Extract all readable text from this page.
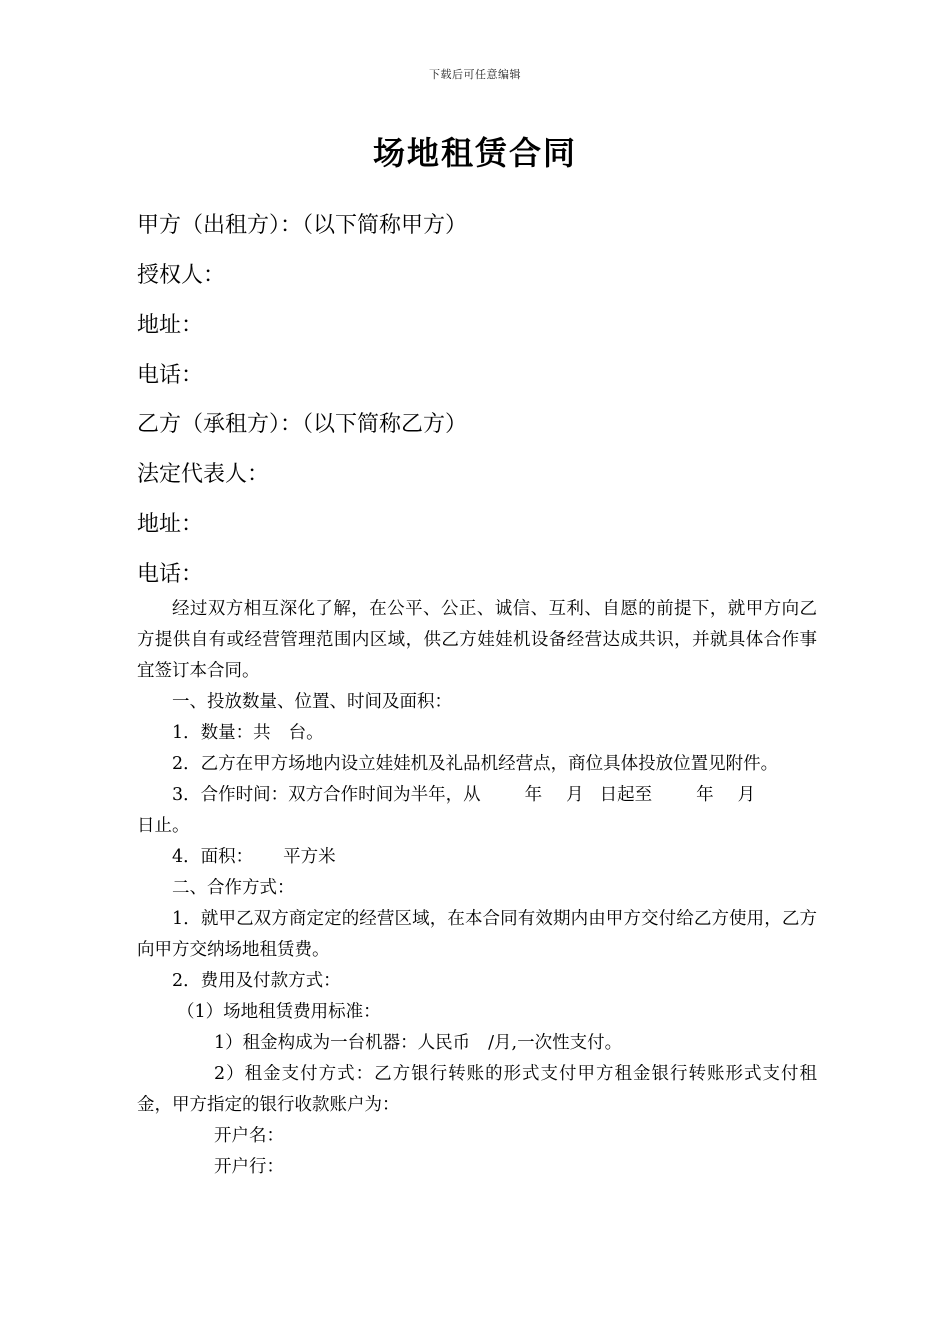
下载后可任意编辑
场地租赁合同
甲方（出租方）：（以下简称甲方）
授权人：
地址：
电话：
乙方（承租方）：（以下简称乙方）
法定代表人：
地址：
电话：

经过双方相互深化了解，在公平、公正、诚信、互利、自愿的前提下，就甲方向乙方提供自有或经营管理范围内区域，供乙方娃娃机设备经营达成共识，并就具体合作事宜签订本合同。

一、投放数量、位置、时间及面积：

1．数量：共 台。

2．乙方在甲方场地内设立娃娃机及礼品机经营点，商位具体投放位置见附件。

3．合作时间：双方合作时间为半年，从	年 月 日起至	年 月
日止。

4．面积： 平方米

二、合作方式：

1．就甲乙双方商定定的经营区域，在本合同有效期内由甲方交付给乙方使用，乙方向甲方交纳场地租赁费。

2．费用及付款方式：

（1）场地租赁费用标准：

1）租金构成为一台机器：人民币 /月,一次性支付。

2）租金支付方式：乙方银行转账的形式支付甲方租金银行转账形式支付租金，甲方指定的银行收款账户为：

开户名：

开户行：
